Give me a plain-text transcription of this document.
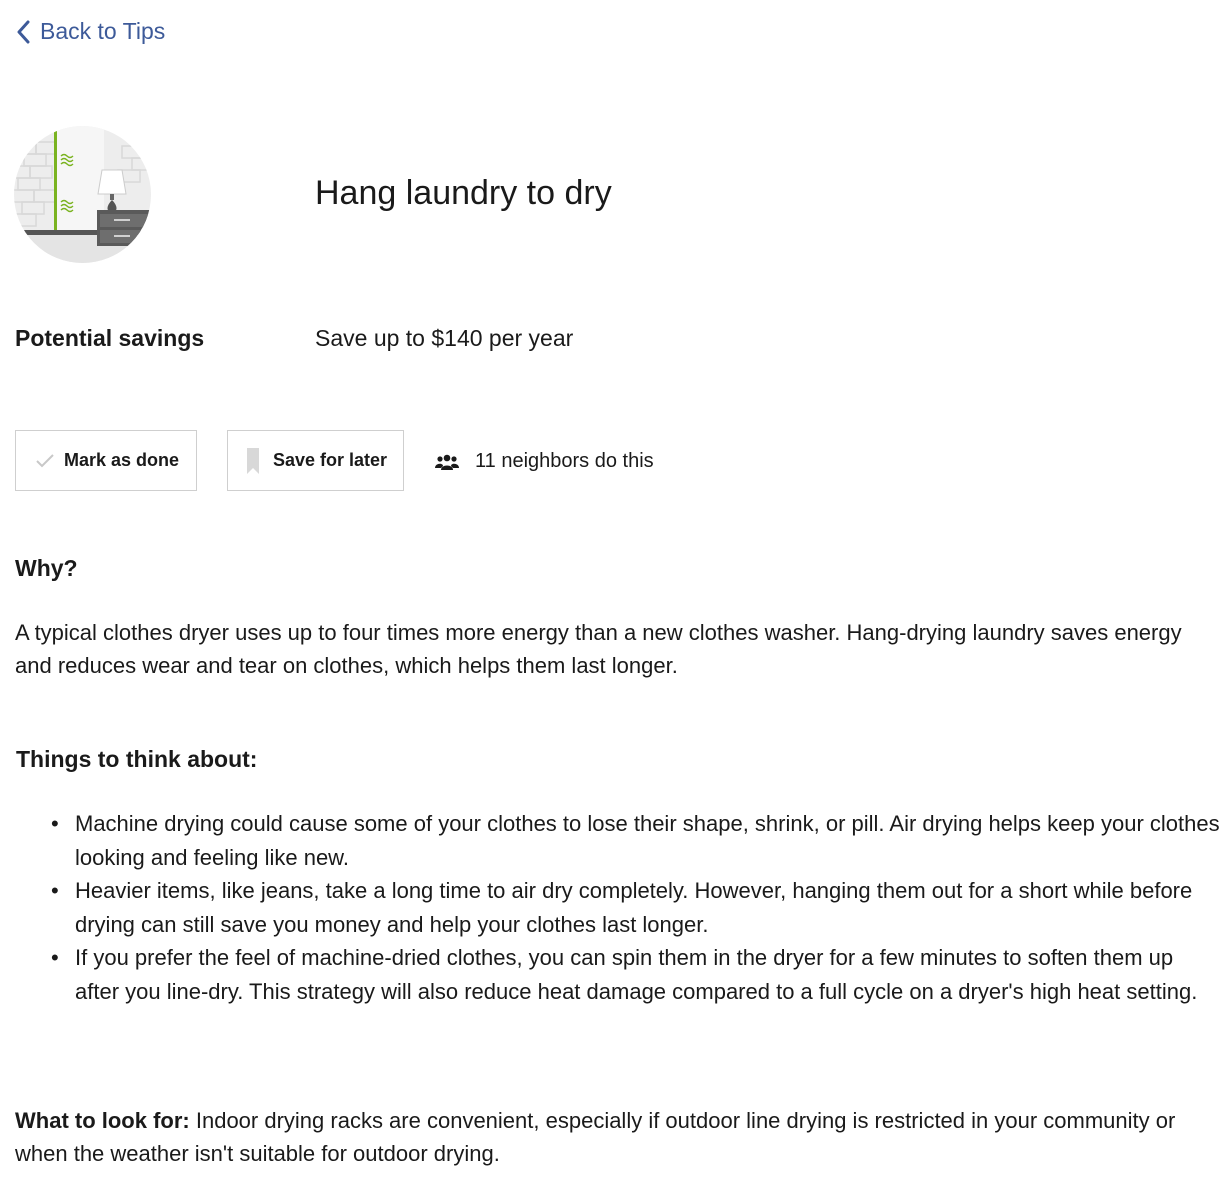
Back to Tips
Hang laundry to dry
Potential savings	Save up to $140 per year
Mark as done	Save for later	11 neighbors do this
Why?

A typical clothes dryer uses up to four times more energy than a new clothes washer. Hang-drying laundry saves energy and reduces wear and tear on clothes, which helps them last longer.

Things to think about:
• Machine drying could cause some of your clothes to lose their shape, shrink, or pill. Air drying helps keep your clothes looking and feeling like new.
• Heavier items, like jeans, take a long time to air dry completely. However, hanging them out for a short while before drying can still save you money and help your clothes last longer.
• If you prefer the feel of machine-dried clothes, you can spin them in the dryer for a few minutes to soften them up after you line-dry. This strategy will also reduce heat damage compared to a full cycle on a dryer's high heat setting.

What to look for: Indoor drying racks are convenient, especially if outdoor line drying is restricted in your community or when the weather isn't suitable for outdoor drying.
